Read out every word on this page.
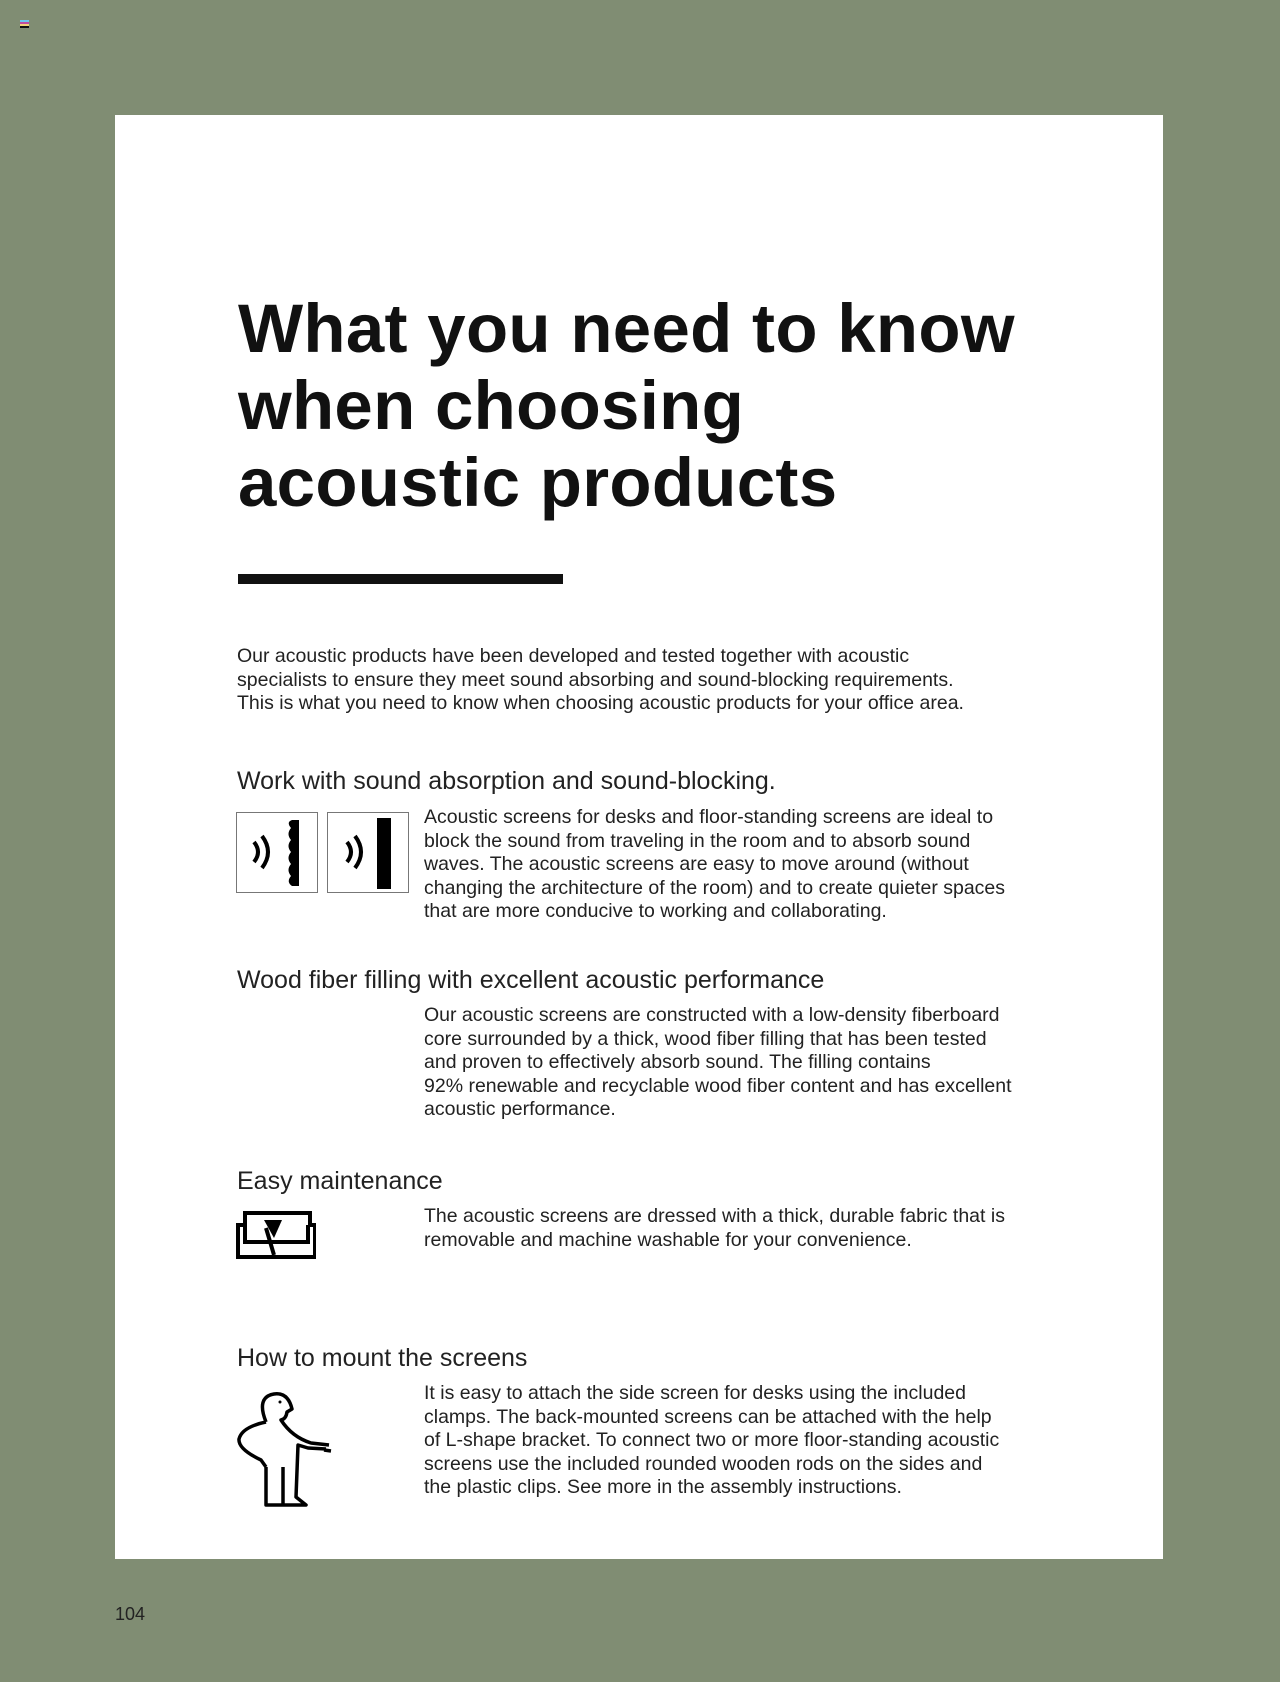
What you need to know
when choosing
acoustic products
Our acoustic products have been developed and tested together with acoustic
specialists to ensure they meet sound absorbing and sound-blocking requirements.
This is what you need to know when choosing acoustic products for your office area.
Work with sound absorption and sound-blocking.
Acoustic screens for desks and floor-standing screens are ideal to
block the sound from traveling in the room and to absorb sound
waves. The acoustic screens are easy to move around (without
changing the architecture of the room) and to create quieter spaces
that are more conducive to working and collaborating.
Wood fiber filling with excellent acoustic performance
Our acoustic screens are constructed with a low-density fiberboard
core surrounded by a thick, wood fiber filling that has been tested
and proven to effectively absorb sound. The filling contains
92% renewable and recyclable wood fiber content and has excellent
acoustic performance.
Easy maintenance
The acoustic screens are dressed with a thick, durable fabric that is
removable and machine washable for your convenience.
How to mount the screens
It is easy to attach the side screen for desks using the included
clamps. The back-mounted screens can be attached with the help
of L-shape bracket. To connect two or more floor-standing acoustic
screens use the included rounded wooden rods on the sides and
the plastic clips. See more in the assembly instructions.
104
